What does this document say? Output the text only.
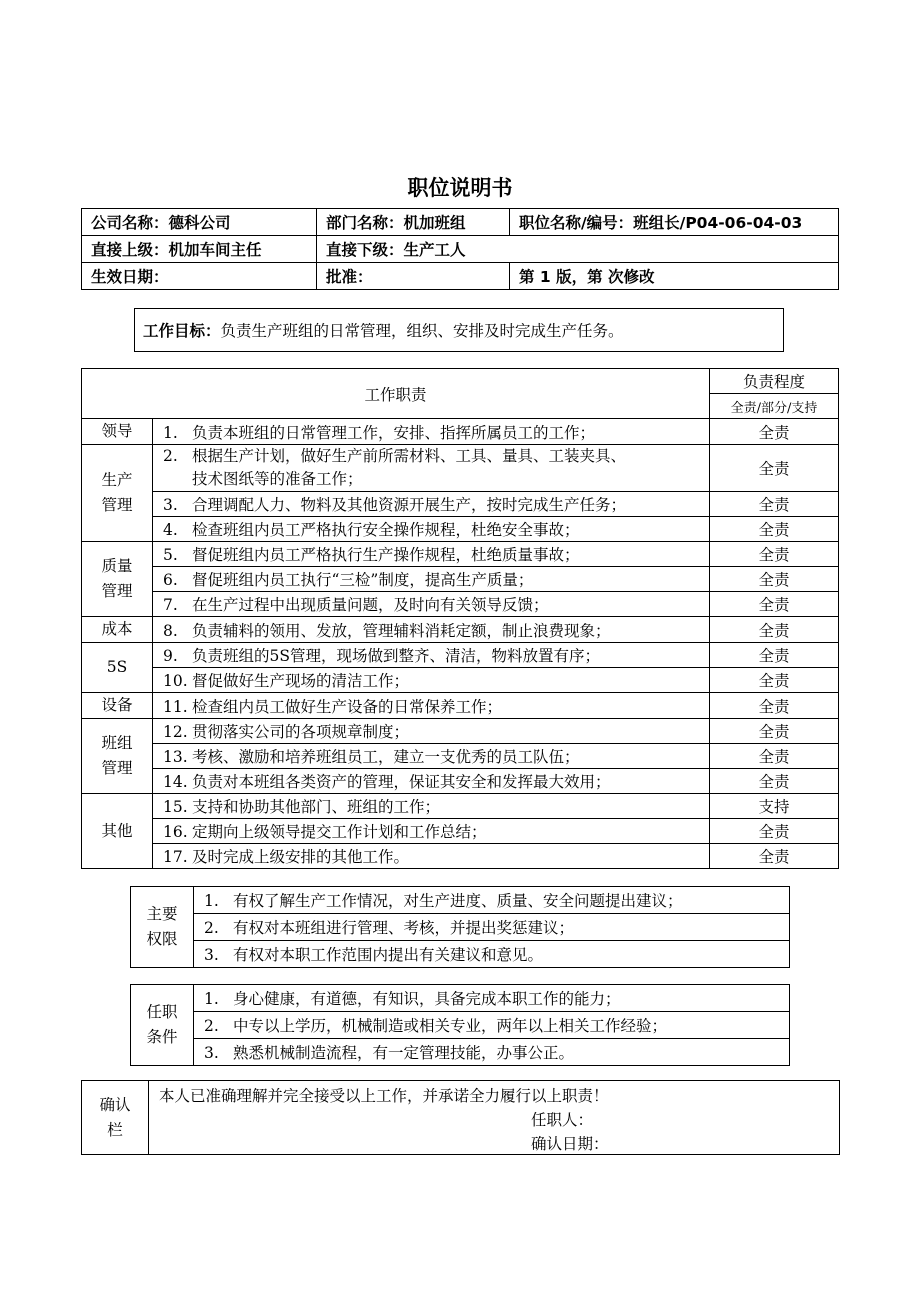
职位说明书
公司名称：德科公司	部门名称：机加班组	职位名称/编号：班组长/P04-06-04-03
直接上级：机加车间主任	直接下级：生产工人	
生效日期：	批准：	第 1 版，第 次修改
工作目标： 负责生产班组的日常管理，组织、安排及时完成生产任务。
工作职责		负责程度
		全责/部分/支持
领导	1. 负责本班组的日常管理工作，安排、指挥所属员工的工作；	全责
生产管理	2. 根据生产计划，做好生产前所需材料、工具、量具、工装夹具、
技术图纸等的准备工作；	全责
	3. 合理调配人力、物料及其他资源开展生产，按时完成生产任务；	全责
	4. 检查班组内员工严格执行安全操作规程，杜绝安全事故；	全责
质量管理	5. 督促班组内员工严格执行生产操作规程，杜绝质量事故；	全责
	6. 督促班组内员工执行“三检”制度，提高生产质量；	全责
	7. 在生产过程中出现质量问题，及时向有关领导反馈；	全责
成本	8. 负责辅料的领用、发放，管理辅料消耗定额，制止浪费现象；	全责
5S	9. 负责班组的5S管理，现场做到整齐、清洁，物料放置有序；	全责
	10. 督促做好生产现场的清洁工作；	全责
设备	11. 检查组内员工做好生产设备的日常保养工作；	全责
班组管理	12. 贯彻落实公司的各项规章制度；	全责
	13. 考核、激励和培养班组员工，建立一支优秀的员工队伍；	全责
	14. 负责对本班组各类资产的管理，保证其安全和发挥最大效用；	全责
其他	15. 支持和协助其他部门、班组的工作；	支持
	16. 定期向上级领导提交工作计划和工作总结；	全责
	17. 及时完成上级安排的其他工作。	全责
主要权限	1. 有权了解生产工作情况，对生产进度、质量、安全问题提出建议；
2. 有权对本班组进行管理、考核，并提出奖惩建议；
3. 有权对本职工作范围内提出有关建议和意见。
任职条件	1. 身心健康，有道德，有知识，具备完成本职工作的能力；
2. 中专以上学历，机械制造或相关专业，两年以上相关工作经验；
3. 熟悉机械制造流程，有一定管理技能，办事公正。
确认栏	
本人已准确理解并完全接受以上工作，并承诺全力履行以上职责！
任职人：
确认日期：
